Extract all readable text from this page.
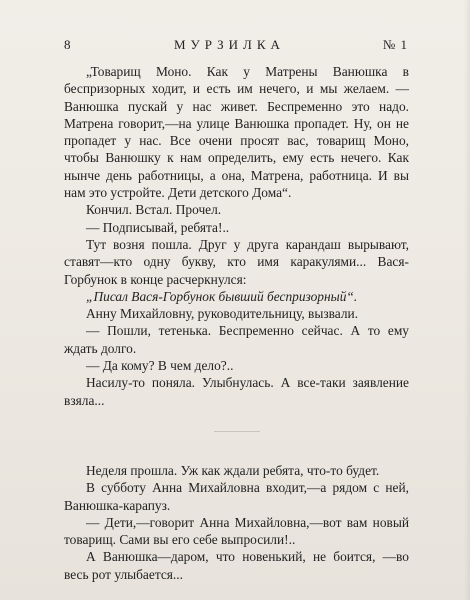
8	МУРЗИЛКА	№ 1

„Товарищ Моно. Как у Матрены Ванюшка в беспризорных ходит, и есть им нечего, и мы желаем. —Ванюшка пускай у нас живет. Беспременно это надо. Матрена говорит,—на улице Ванюшка пропадет. Ну, он не пропадет у нас. Все очени просят вас, товарищ Моно, чтобы Ванюшку к нам определить, ему есть нечего. Как нынче день работницы, а она, Матрена, работница. И вы нам это устройте. Дети детского Дома“.

Кончил. Встал. Прочел.

— Подписывай, ребята!..

Тут возня пошла. Друг у друга карандаш вырывают, ставят—кто одну букву, кто имя каракулями... Вася-Горбунок в конце расчеркнулся:

„Писал Вася-Горбунок бывший беспризорный“.

Анну Михайловну, руководительницу, вызвали.

— Пошли, тетенька. Беспременно сейчас. А то ему ждать долго.

— Да кому? В чем дело?..

Насилу-то поняла. Улыбнулась. А все-таки заявление взяла...

Неделя прошла. Уж как ждали ребята, что-то будет.

В субботу Анна Михайловна входит,—а рядом с ней, Ванюшка-карапуз.

— Дети,—говорит Анна Михайловна,—вот вам новый товарищ. Сами вы его себе выпросили!..

А Ванюшка—даром, что новенький, не боится, —во весь рот улыбается...
